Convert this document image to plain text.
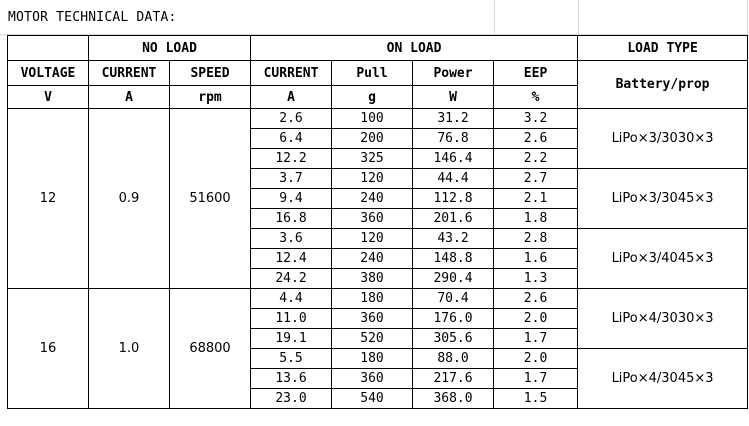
MOTOR TECHNICAL DATA:
	NO LOAD		ON LOAD				LOAD TYPE
VOLTAGE	CURRENT	SPEED	CURRENT	Pull	Power	EEP	Battery/prop
V	A	rpm	A	g	W	%	
12	0.9	51600	2.6	100	31.2	3.2	LiPo×3/3030×3
			6.4	200	76.8	2.6	
			12.2	325	146.4	2.2	
			3.7	120	44.4	2.7	LiPo×3/3045×3
			9.4	240	112.8	2.1	
			16.8	360	201.6	1.8	
			3.6	120	43.2	2.8	LiPo×3/4045×3
			12.4	240	148.8	1.6	
			24.2	380	290.4	1.3	
16	1.0	68800	4.4	180	70.4	2.6	LiPo×4/3030×3
			11.0	360	176.0	2.0	
			19.1	520	305.6	1.7	
			5.5	180	88.0	2.0	LiPo×4/3045×3
			13.6	360	217.6	1.7	
			23.0	540	368.0	1.5	
